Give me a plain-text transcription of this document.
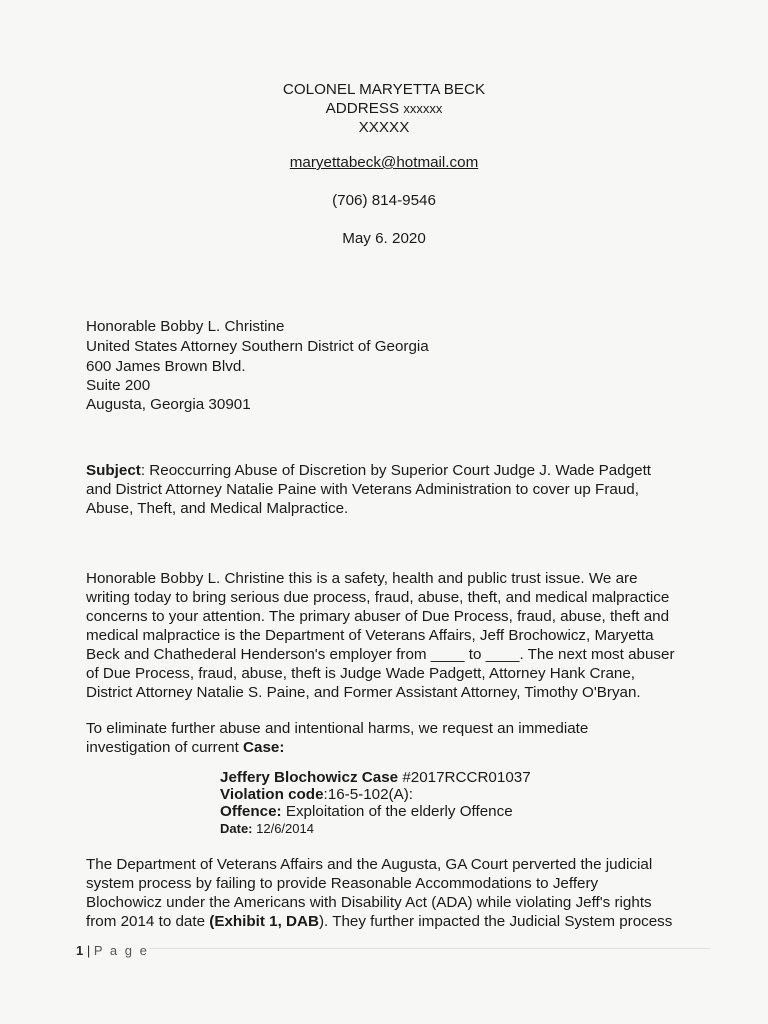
COLONEL MARYETTA BECK
ADDRESS xxxxxx
XXXXX
maryettabeck@hotmail.com
(706) 814-9546
May 6. 2020
Honorable Bobby L. Christine
United States Attorney Southern District of Georgia
600 James Brown Blvd.
Suite 200
Augusta, Georgia 30901
Subject: Reoccurring Abuse of Discretion by Superior Court Judge J. Wade Padgett
and District Attorney Natalie Paine with Veterans Administration to cover up Fraud,
Abuse, Theft, and Medical Malpractice.
Honorable Bobby L. Christine this is a safety, health and public trust issue. We are
writing today to bring serious due process, fraud, abuse, theft, and medical malpractice
concerns to your attention. The primary abuser of Due Process, fraud, abuse, theft and
medical malpractice is the Department of Veterans Affairs, Jeff Brochowicz, Maryetta
Beck and Chathederal Henderson's employer from ____ to ____. The next most abuser
of Due Process, fraud, abuse, theft is Judge Wade Padgett, Attorney Hank Crane,
District Attorney Natalie S. Paine, and Former Assistant Attorney, Timothy O'Bryan.
To eliminate further abuse and intentional harms, we request an immediate
investigation of current Case:
Jeffery Blochowicz Case #2017RCCR01037
Violation code:16-5-102(A):
Offence: Exploitation of the elderly Offence
Date: 12/6/2014
The Department of Veterans Affairs and the Augusta, GA Court perverted the judicial
system process by failing to provide Reasonable Accommodations to Jeffery
Blochowicz under the Americans with Disability Act (ADA) while violating Jeff's rights
from 2014 to date (Exhibit 1, DAB). They further impacted the Judicial System process
1 | P a g e
